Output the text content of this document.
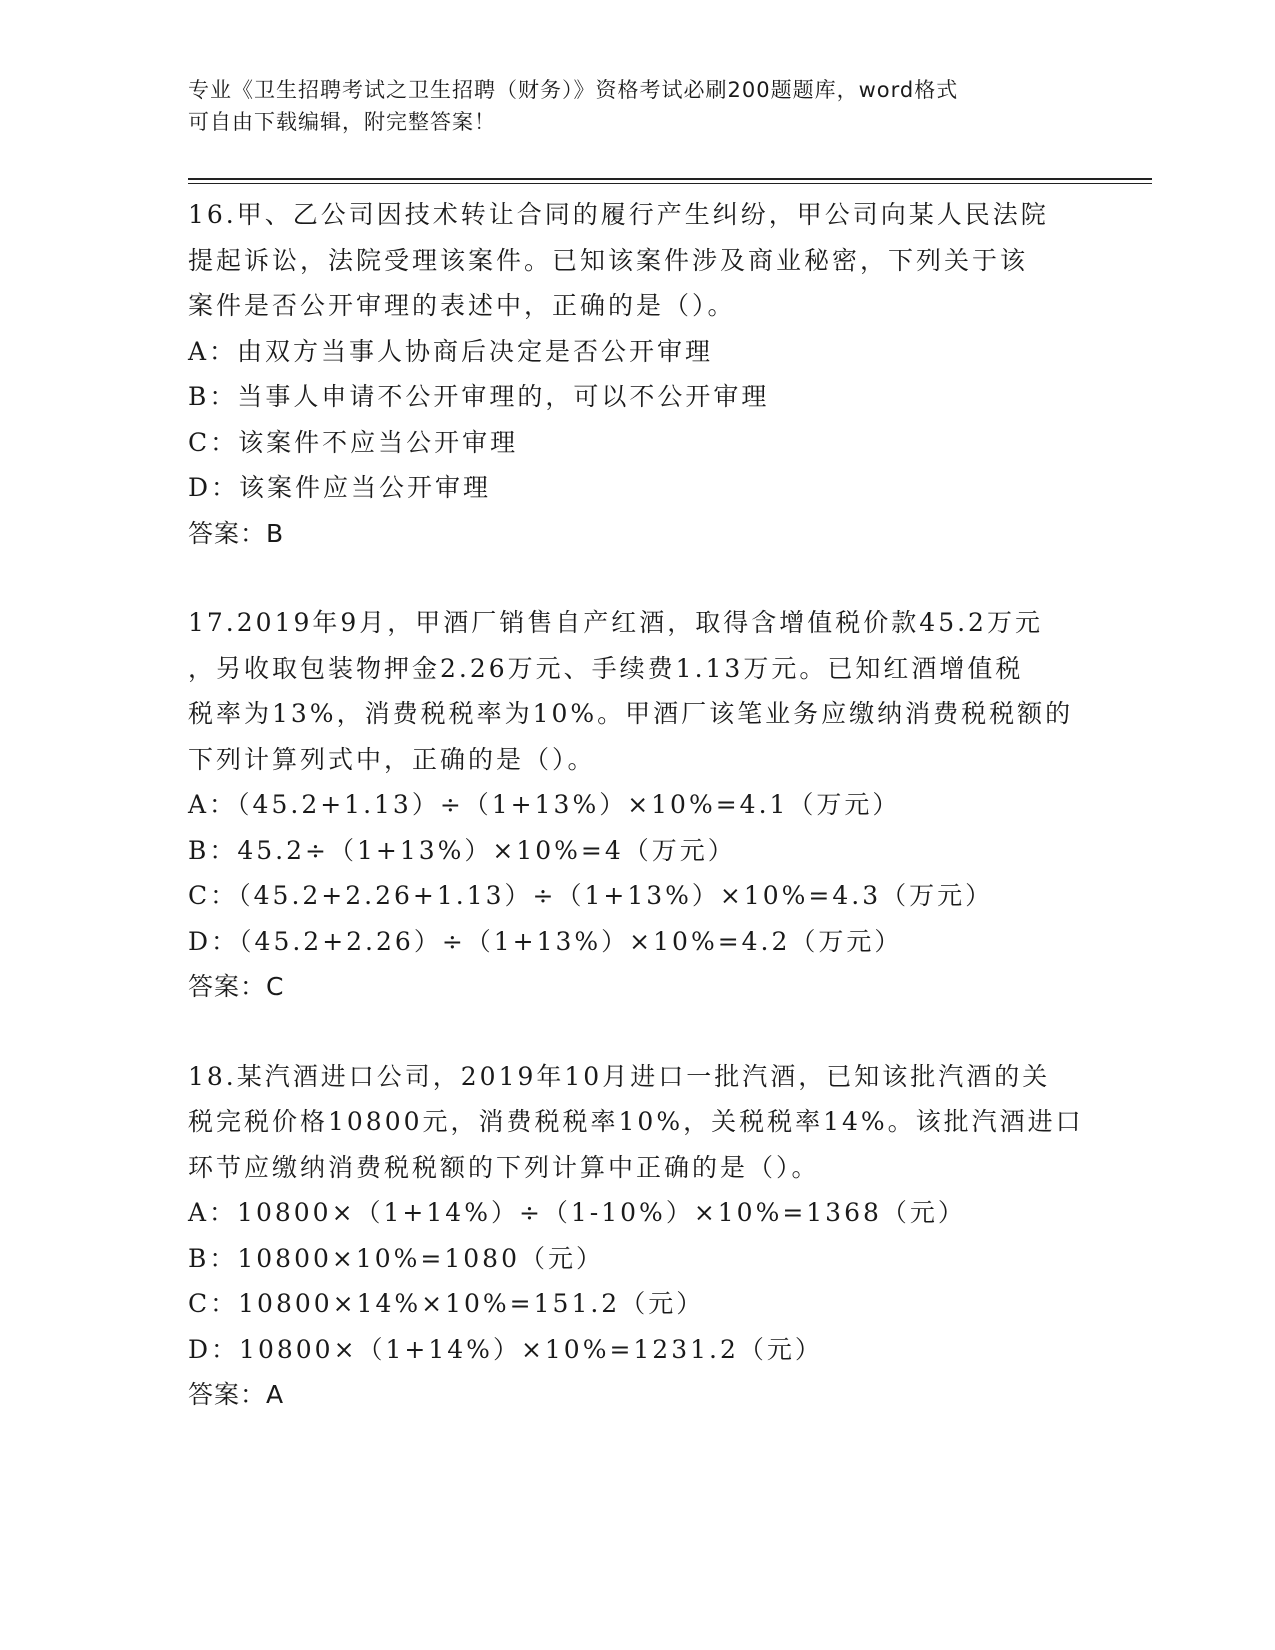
专业《卫生招聘考试之卫生招聘（财务）》资格考试必刷200题题库，word格式
可自由下载编辑，附完整答案！
16.甲、乙公司因技术转让合同的履行产生纠纷，甲公司向某人民法院
提起诉讼，法院受理该案件。已知该案件涉及商业秘密，下列关于该
案件是否公开审理的表述中，正确的是（）。
A：由双方当事人协商后决定是否公开审理
B：当事人申请不公开审理的，可以不公开审理
C：该案件不应当公开审理
D：该案件应当公开审理
答案：B
17.2019年9月，甲酒厂销售自产红酒，取得含增值税价款45.2万元
，另收取包装物押金2.26万元、手续费1.13万元。已知红酒增值税
税率为13%，消费税税率为10%。甲酒厂该笔业务应缴纳消费税税额的
下列计算列式中，正确的是（）。
A：（45.2+1.13）÷（1+13%）×10%=4.1（万元）
B：45.2÷（1+13%）×10%=4（万元）
C：（45.2+2.26+1.13）÷（1+13%）×10%=4.3（万元）
D：（45.2+2.26）÷（1+13%）×10%=4.2（万元）
答案：C
18.某汽酒进口公司，2019年10月进口一批汽酒，已知该批汽酒的关
税完税价格10800元，消费税税率10%，关税税率14%。该批汽酒进口
环节应缴纳消费税税额的下列计算中正确的是（）。
A：10800×（1+14%）÷（1-10%）×10%=1368（元）
B：10800×10%=1080（元）
C：10800×14%×10%=151.2（元）
D：10800×（1+14%）×10%=1231.2（元）
答案：A
